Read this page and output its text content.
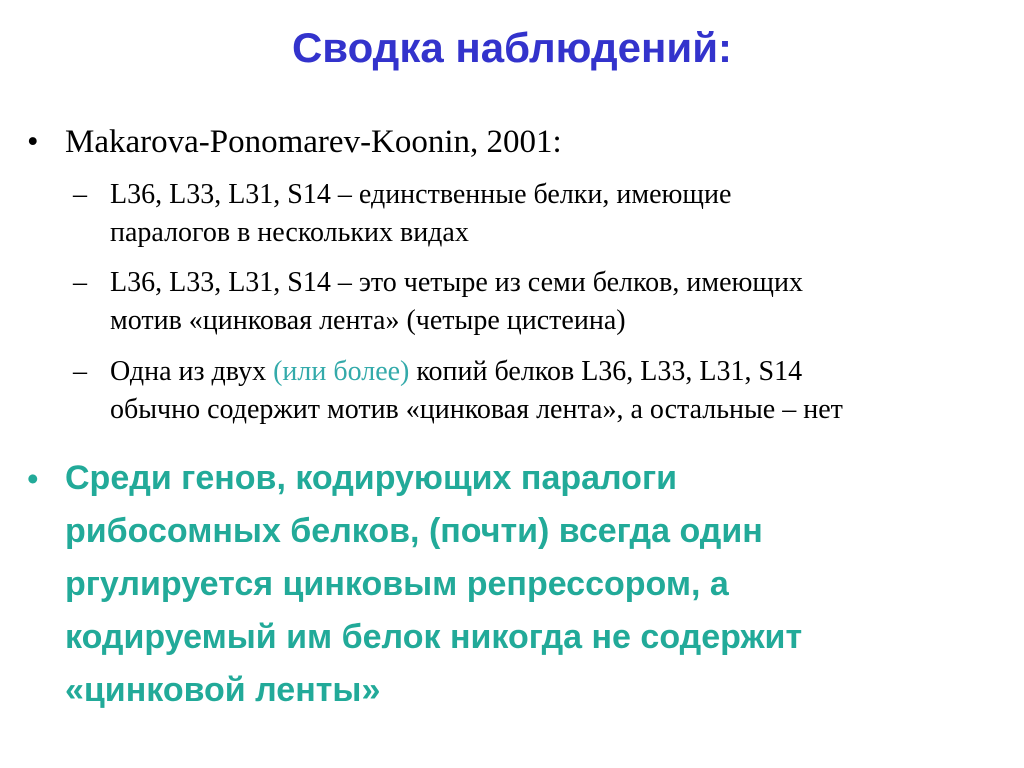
Сводка наблюдений:
• Makarova-Ponomarev-Koonin, 2001:
– L36, L33, L31, S14 – единственные белки, имеющие
паралогов в нескольких видах
– L36, L33, L31, S14 – это четыре из семи белков, имеющих
мотив «цинковая лента» (четыре цистеина)
– Одна из двух (или более) копий белков L36, L33, L31, S14
обычно содержит мотив «цинковая лента», а остальные – нет
• Среди генов, кодирующих паралоги
рибосомных белков, (почти) всегда один
ргулируется цинковым репрессором, а
кодируемый им белок никогда не содержит
«цинковой ленты»
